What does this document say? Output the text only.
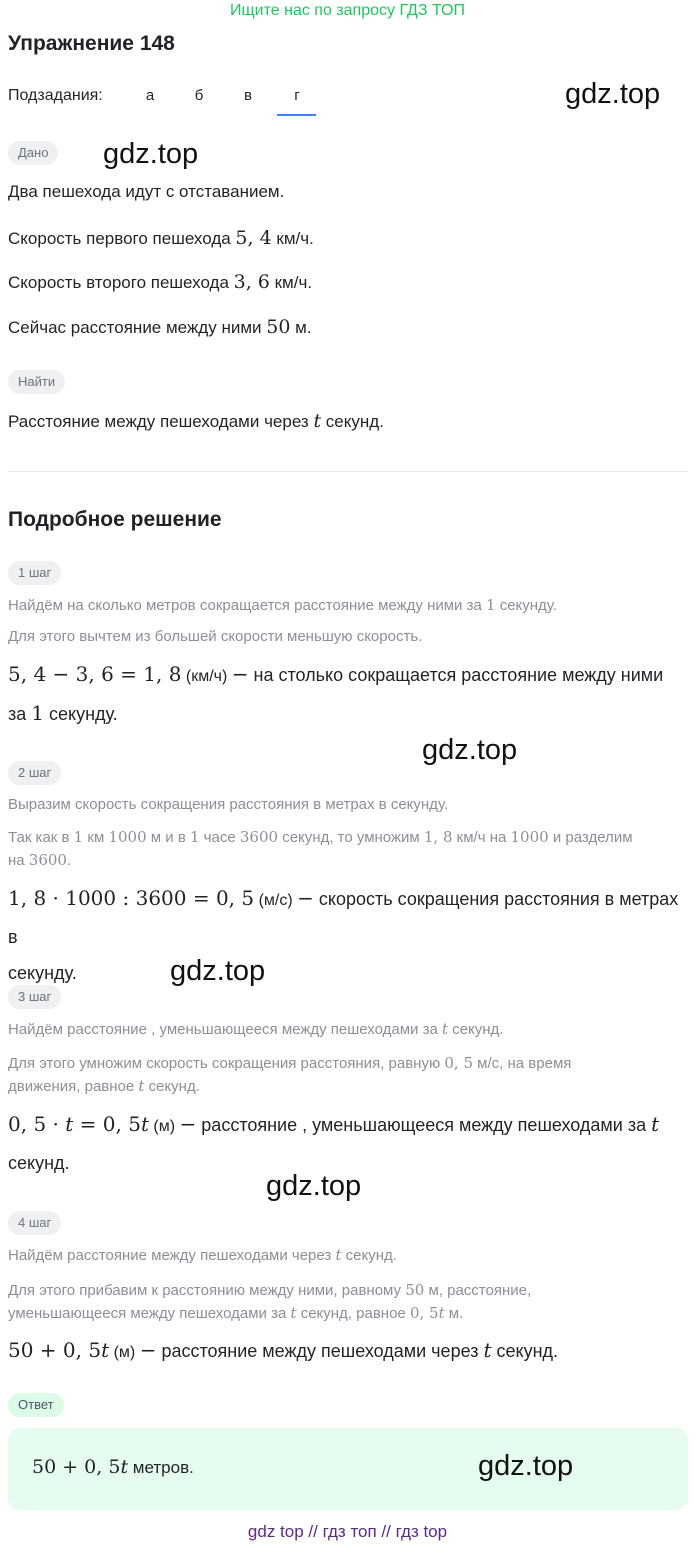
Ищите нас по запросу ГДЗ ТОП
Упражнение 148
Подзадания:	а	б	в	г	gdz.top
Дано	gdz.top
Два пешехода идут с отставанием.
Скорость первого пешехода 5, 4 км/ч.
Скорость второго пешехода 3, 6 км/ч.
Сейчас расстояние между ними 50 м.
Найти
Расстояние между пешеходами через t секунд.
Подробное решение
1 шаг
Найдём на сколько метров сокращается расстояние между ними за 1 секунду.
Для этого вычтем из большей скорости меньшую скорость.
5, 4 − 3, 6 = 1, 8 (км/ч) − на столько сокращается расстояние между ними
за 1 секунду.
gdz.top
2 шаг
Выразим скорость сокращения расстояния в метрах в секунду.
Так как в 1 км 1000 м и в 1 часе 3600 секунд, то умножим 1, 8 км/ч на 1000 и разделим
на 3600.
1, 8 · 1000 : 3600 = 0, 5 (м/с) − скорость сокращения расстояния в метрах в
секунду.	gdz.top
3 шаг
Найдём расстояние , уменьшающееся между пешеходами за t секунд.
Для этого умножим скорость сокращения расстояния, равную 0, 5 м/с, на время
движения, равное t секунд.
0, 5 · t = 0, 5t (м) − расстояние , уменьшающееся между пешеходами за t
секунд.
gdz.top
4 шаг
Найдём расстояние между пешеходами через t секунд.
Для этого прибавим к расстоянию между ними, равному 50 м, расстояние,
уменьшающееся между пешеходами за t секунд, равное 0, 5t м.
50 + 0, 5t (м) − расстояние между пешеходами через t секунд.
Ответ
50 + 0, 5t метров.	gdz.top
gdz top // гдз топ // гдз top
